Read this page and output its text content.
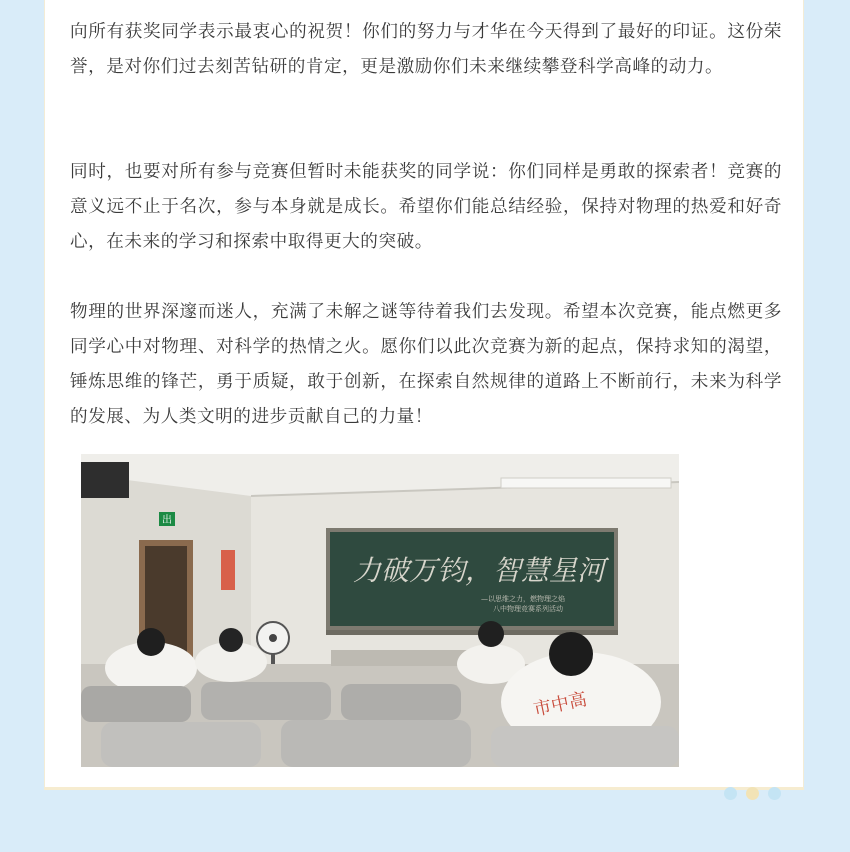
向所有获奖同学表示最衷心的祝贺！你们的努力与才华在今天得到了最好的印证。这份荣誉，是对你们过去刻苦钻研的肯定，更是激励你们未来继续攀登科学高峰的动力。

同时，也要对所有参与竞赛但暂时未能获奖的同学说：你们同样是勇敢的探索者！竞赛的意义远不止于名次，参与本身就是成长。希望你们能总结经验，保持对物理的热爱和好奇心，在未来的学习和探索中取得更大的突破。

物理的世界深邃而迷人，充满了未解之谜等待着我们去发现。希望本次竞赛，能点燃更多同学心中对物理、对科学的热情之火。愿你们以此次竞赛为新的起点，保持求知的渴望，锤炼思维的锋芒，勇于质疑，敢于创新，在探索自然规律的道路上不断前行，未来为科学的发展、为人类文明的进步贡献自己的力量！

出
力破万钧，智慧星河
—以思维之力，燃物理之焰
八中物理竞赛系列活动
市中高
